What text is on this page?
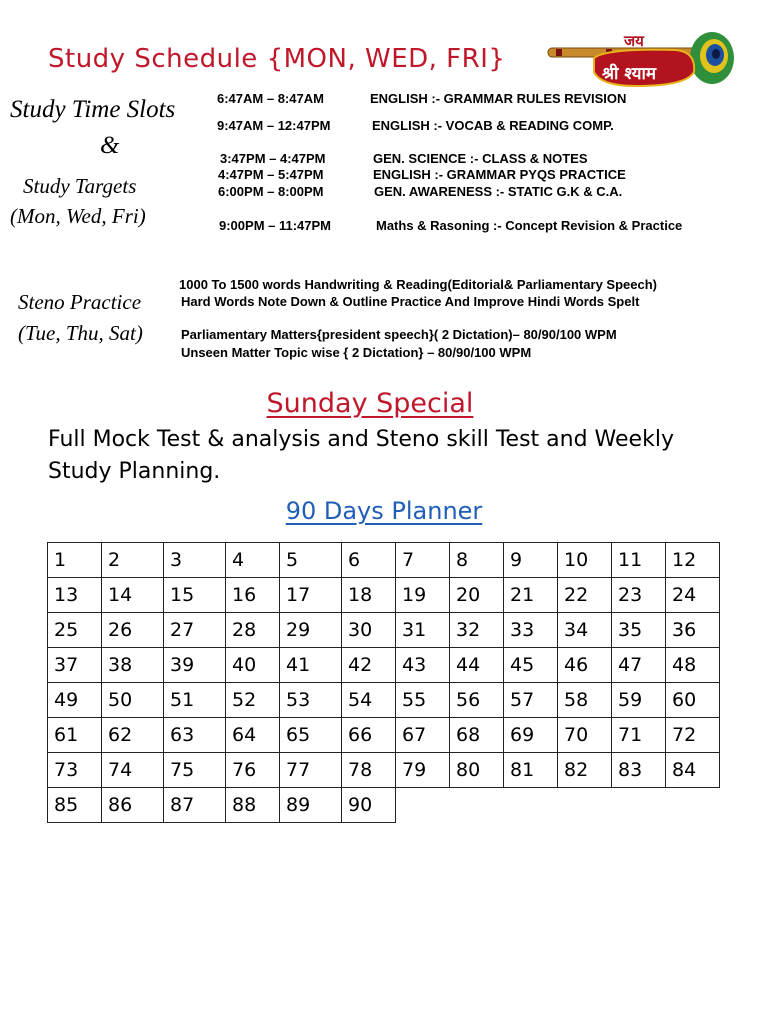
Study Schedule {MON, WED, FRI}
जय
श्री श्याम
Study Time Slots
&
Study Targets
(Mon, Wed, Fri)
6:47AM – 8:47AM	ENGLISH :- GRAMMAR RULES REVISION
9:47AM – 12:47PM	ENGLISH :- VOCAB & READING COMP.
3:47PM – 4:47PM	GEN. SCIENCE :- CLASS & NOTES
4:47PM – 5:47PM	ENGLISH :- GRAMMAR PYQS PRACTICE
6:00PM – 8:00PM	GEN. AWARENESS :- STATIC G.K & C.A.
9:00PM – 11:47PM	Maths & Rasoning :- Concept Revision & Practice
Steno Practice
(Tue, Thu, Sat)
1000 To 1500 words Handwriting & Reading(Editorial& Parliamentary Speech)
Hard Words Note Down & Outline Practice And Improve Hindi Words Spelt
Parliamentary Matters{president speech}( 2 Dictation)– 80/90/100 WPM
Unseen Matter Topic wise { 2 Dictation} – 80/90/100 WPM
Sunday Special
Full Mock Test & analysis and Steno skill Test and Weekly Study Planning.
90 Days Planner
1	2	3	4	5	6	7	8	9	10	11	12
13	14	15	16	17	18	19	20	21	22	23	24
25	26	27	28	29	30	31	32	33	34	35	36
37	38	39	40	41	42	43	44	45	46	47	48
49	50	51	52	53	54	55	56	57	58	59	60
61	62	63	64	65	66	67	68	69	70	71	72
73	74	75	76	77	78	79	80	81	82	83	84
85	86	87	88	89	90						
